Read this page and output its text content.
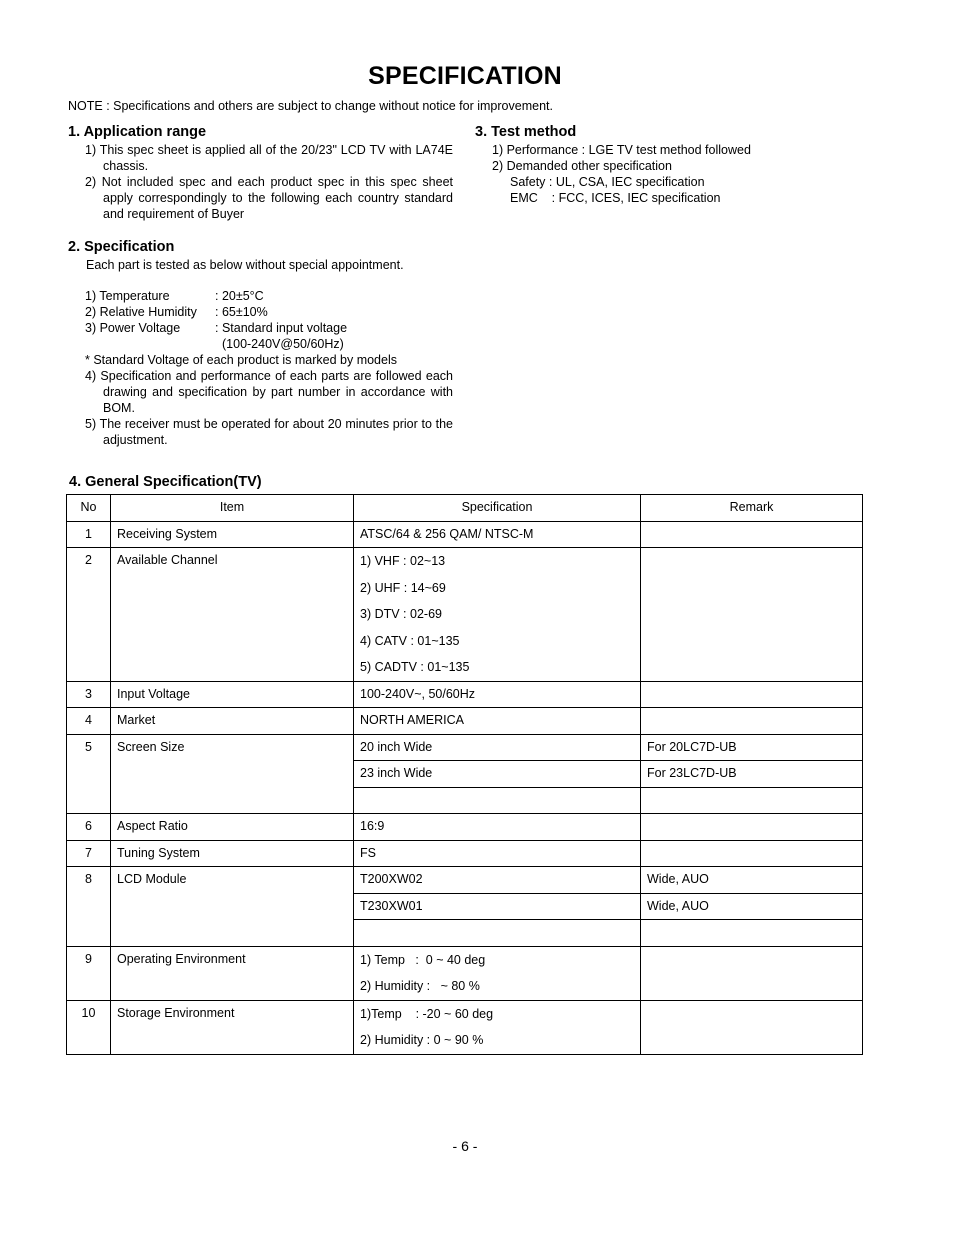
SPECIFICATION
NOTE : Specifications and others are subject to change without notice for improvement.
1. Application range
1) This spec sheet is applied all of the 20/23" LCD TV with LA74E chassis.
2) Not included spec and each product spec in this spec sheet apply correspondingly to the following each country standard and requirement of Buyer
2. Specification
Each part is tested as below without special appointment.
1) Temperature	: 20±5°C
2) Relative Humidity : 65±10%
3) Power Voltage	: Standard input voltage
(100-240V@50/60Hz)
* Standard Voltage of each product is marked by models
4) Specification and performance of each parts are followed each drawing and specification by part number in accordance with BOM.
5) The receiver must be operated for about 20 minutes prior to the adjustment.
3. Test method
1) Performance : LGE TV test method followed
2) Demanded other specification
Safety : UL, CSA, IEC specification
EMC    : FCC, ICES, IEC specification
4. General Specification(TV)
No	Item	Specification	Remark
1	Receiving System	ATSC/64 & 256 QAM/ NTSC-M	
2	Available Channel	1) VHF : 02~13
2) UHF : 14~69
3) DTV : 02-69
4) CATV : 01~135
5) CADTV : 01~135	

3	Input Voltage	100-240V~, 50/60Hz	
4	Market	NORTH AMERICA	
5	Screen Size	20 inch Wide	For 20LC7D-UB
		23 inch Wide	For 23LC7D-UB

6	Aspect Ratio	16:9	
7	Tuning System	FS	
8	LCD Module	T200XW02	Wide, AUO
		T230XW01	Wide, AUO

9	Operating Environment	1) Temp   :  0 ~ 40 deg
2) Humidity :   ~ 80 %	

10	Storage Environment	1)Temp    : -20 ~ 60 deg
2) Humidity : 0 ~ 90 %	

- 6 -
